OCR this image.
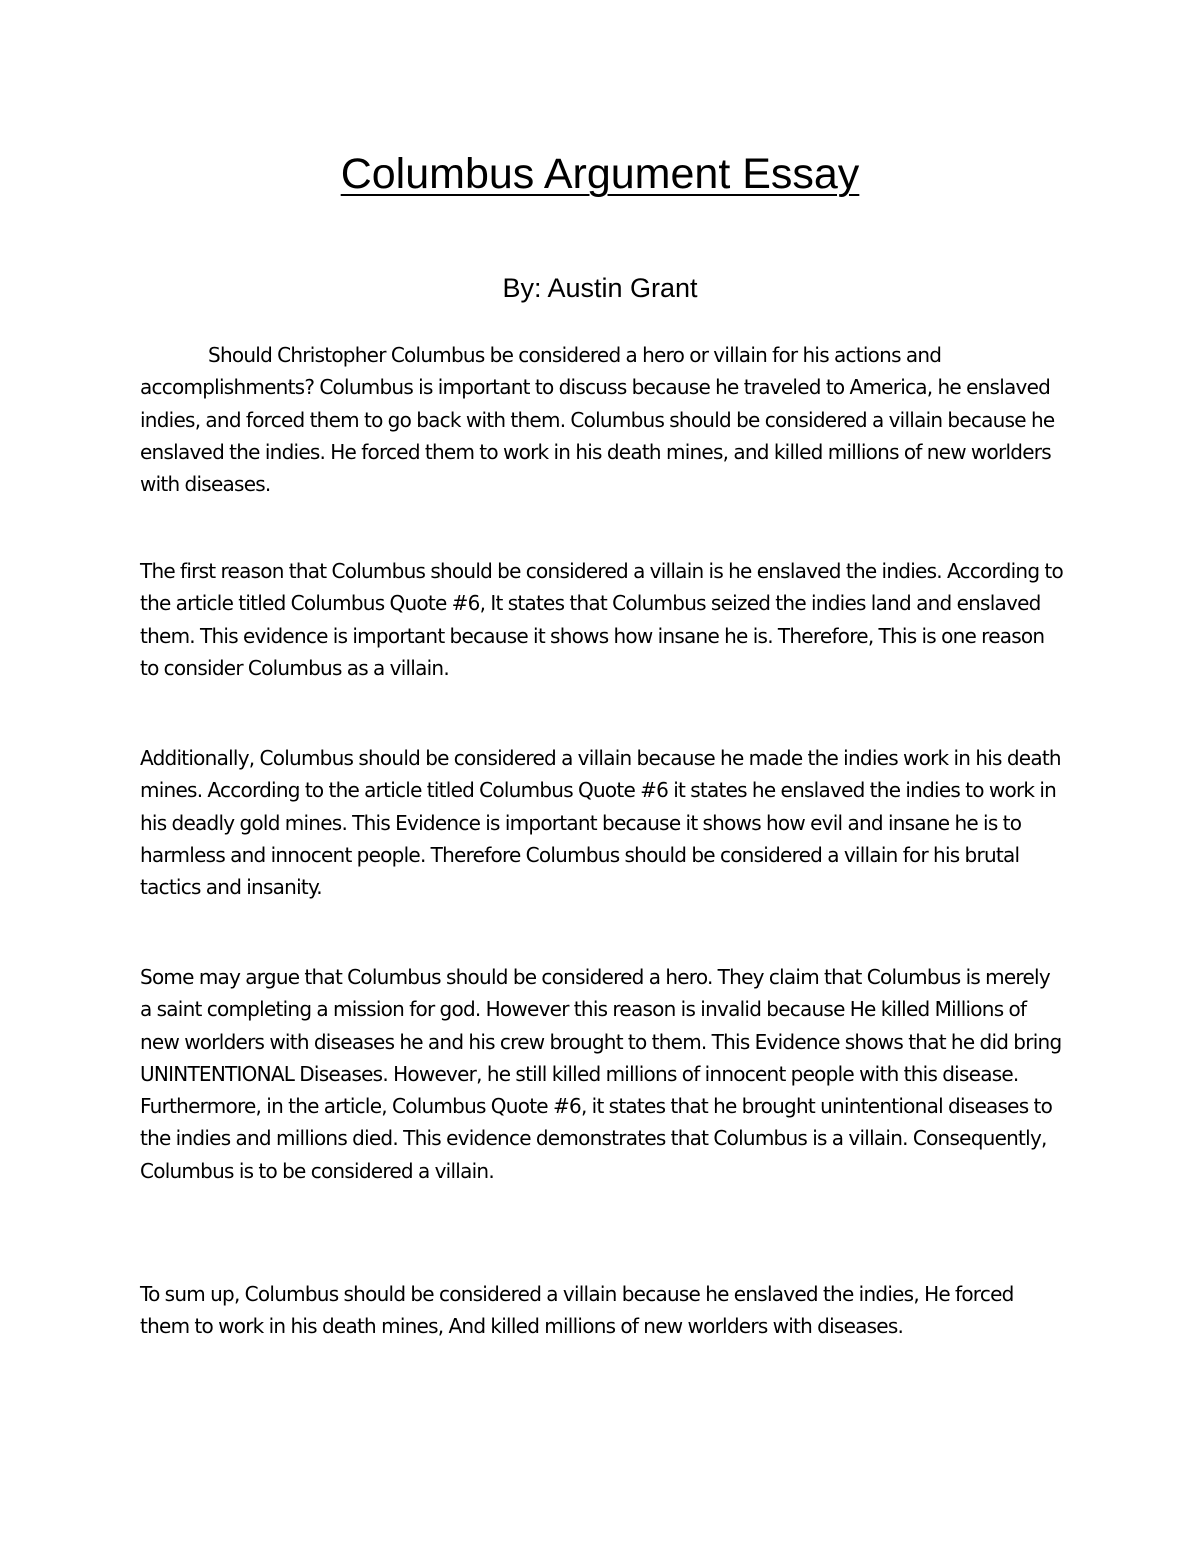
Columbus Argument Essay

By: Austin Grant

Should Christopher Columbus be considered a hero or villain for his actions and accomplishments? Columbus is important to discuss because he traveled to America, he enslaved indies, and forced them to go back with them. Columbus should be considered a villain because he enslaved the indies. He forced them to work in his death mines, and killed millions of new worlders with diseases.

The first reason that Columbus should be considered a villain is he enslaved the indies. According to the article titled Columbus Quote #6, It states that Columbus seized the indies land and enslaved them. This evidence is important because it shows how insane he is. Therefore, This is one reason to consider Columbus as a villain.

Additionally, Columbus should be considered a villain because he made the indies work in his death mines. According to the article titled Columbus Quote #6 it states he enslaved the indies to work in his deadly gold mines. This Evidence is important because it shows how evil and insane he is to harmless and innocent people. Therefore Columbus should be considered a villain for his brutal tactics and insanity.

Some may argue that Columbus should be considered a hero. They claim that Columbus is merely a saint completing a mission for god. However this reason is invalid because He killed Millions of new worlders with diseases he and his crew brought to them. This Evidence shows that he did bring UNINTENTIONAL Diseases. However, he still killed millions of innocent people with this disease. Furthermore, in the article, Columbus Quote #6, it states that he brought unintentional diseases to the indies and millions died. This evidence demonstrates that Columbus is a villain. Consequently, Columbus is to be considered a villain.

To sum up, Columbus should be considered a villain because he enslaved the indies, He forced them to work in his death mines, And killed millions of new worlders with diseases.
